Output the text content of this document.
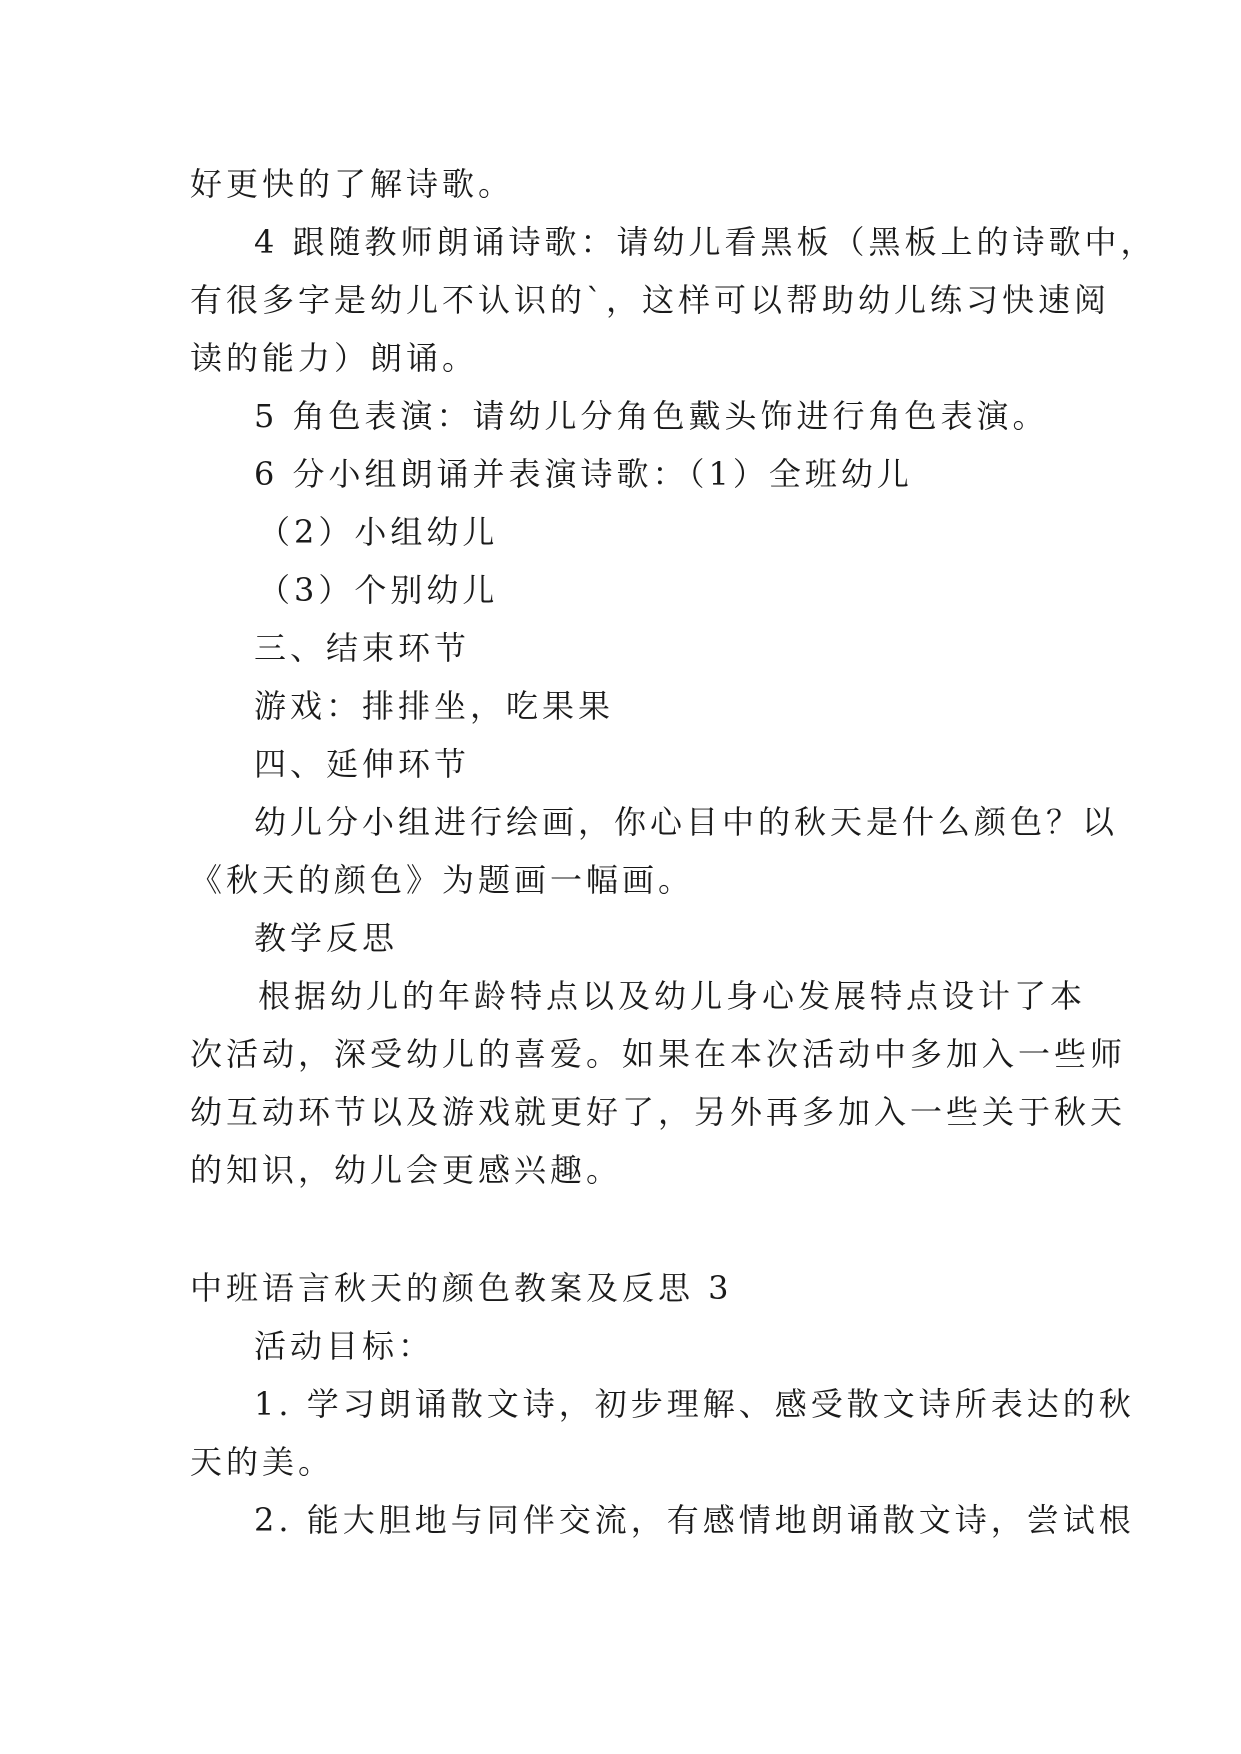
好更快的了解诗歌。

4 跟随教师朗诵诗歌：请幼儿看黑板（黑板上的诗歌中，

有很多字是幼儿不认识的`，这样可以帮助幼儿练习快速阅

读的能力）朗诵。

5 角色表演：请幼儿分角色戴头饰进行角色表演。

6 分小组朗诵并表演诗歌：（1）全班幼儿

（2）小组幼儿

（3）个别幼儿

三、结束环节

游戏：排排坐，吃果果

四、延伸环节

幼儿分小组进行绘画，你心目中的秋天是什么颜色？以

《秋天的颜色》为题画一幅画。

教学反思

根据幼儿的年龄特点以及幼儿身心发展特点设计了本

次活动，深受幼儿的喜爱。如果在本次活动中多加入一些师

幼互动环节以及游戏就更好了，另外再多加入一些关于秋天

的知识，幼儿会更感兴趣。

中班语言秋天的颜色教案及反思 3

活动目标：

1. 学习朗诵散文诗，初步理解、感受散文诗所表达的秋

天的美。

2. 能大胆地与同伴交流，有感情地朗诵散文诗，尝试根
